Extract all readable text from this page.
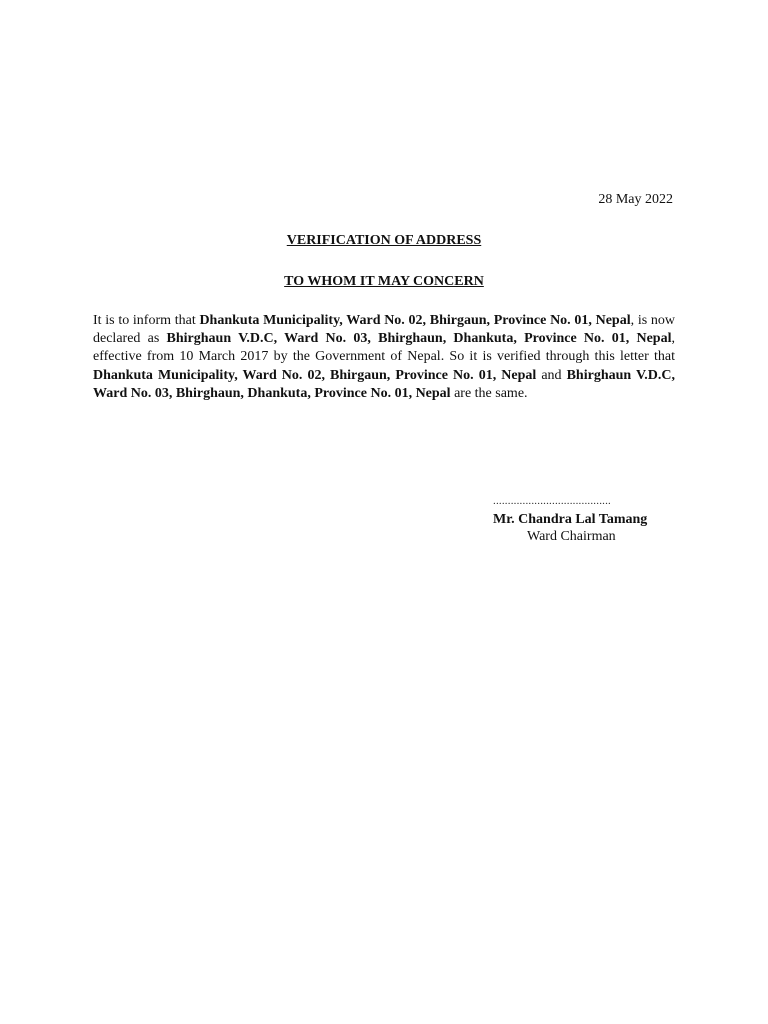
28 May 2022
VERIFICATION OF ADDRESS
TO WHOM IT MAY CONCERN

It is to inform that Dhankuta Municipality, Ward No. 02, Bhirgaun, Province No. 01, Nepal, is now declared as Bhirghaun V.D.C, Ward No. 03, Bhirghaun, Dhankuta, Province No. 01, Nepal, effective from 10 March 2017 by the Government of Nepal. So it is verified through this letter that Dhankuta Municipality, Ward No. 02, Bhirgaun, Province No. 01, Nepal and Bhirghaun V.D.C, Ward No. 03, Bhirghaun, Dhankuta, Province No. 01, Nepal are the same.

........................................
Mr. Chandra Lal Tamang
Ward Chairman
